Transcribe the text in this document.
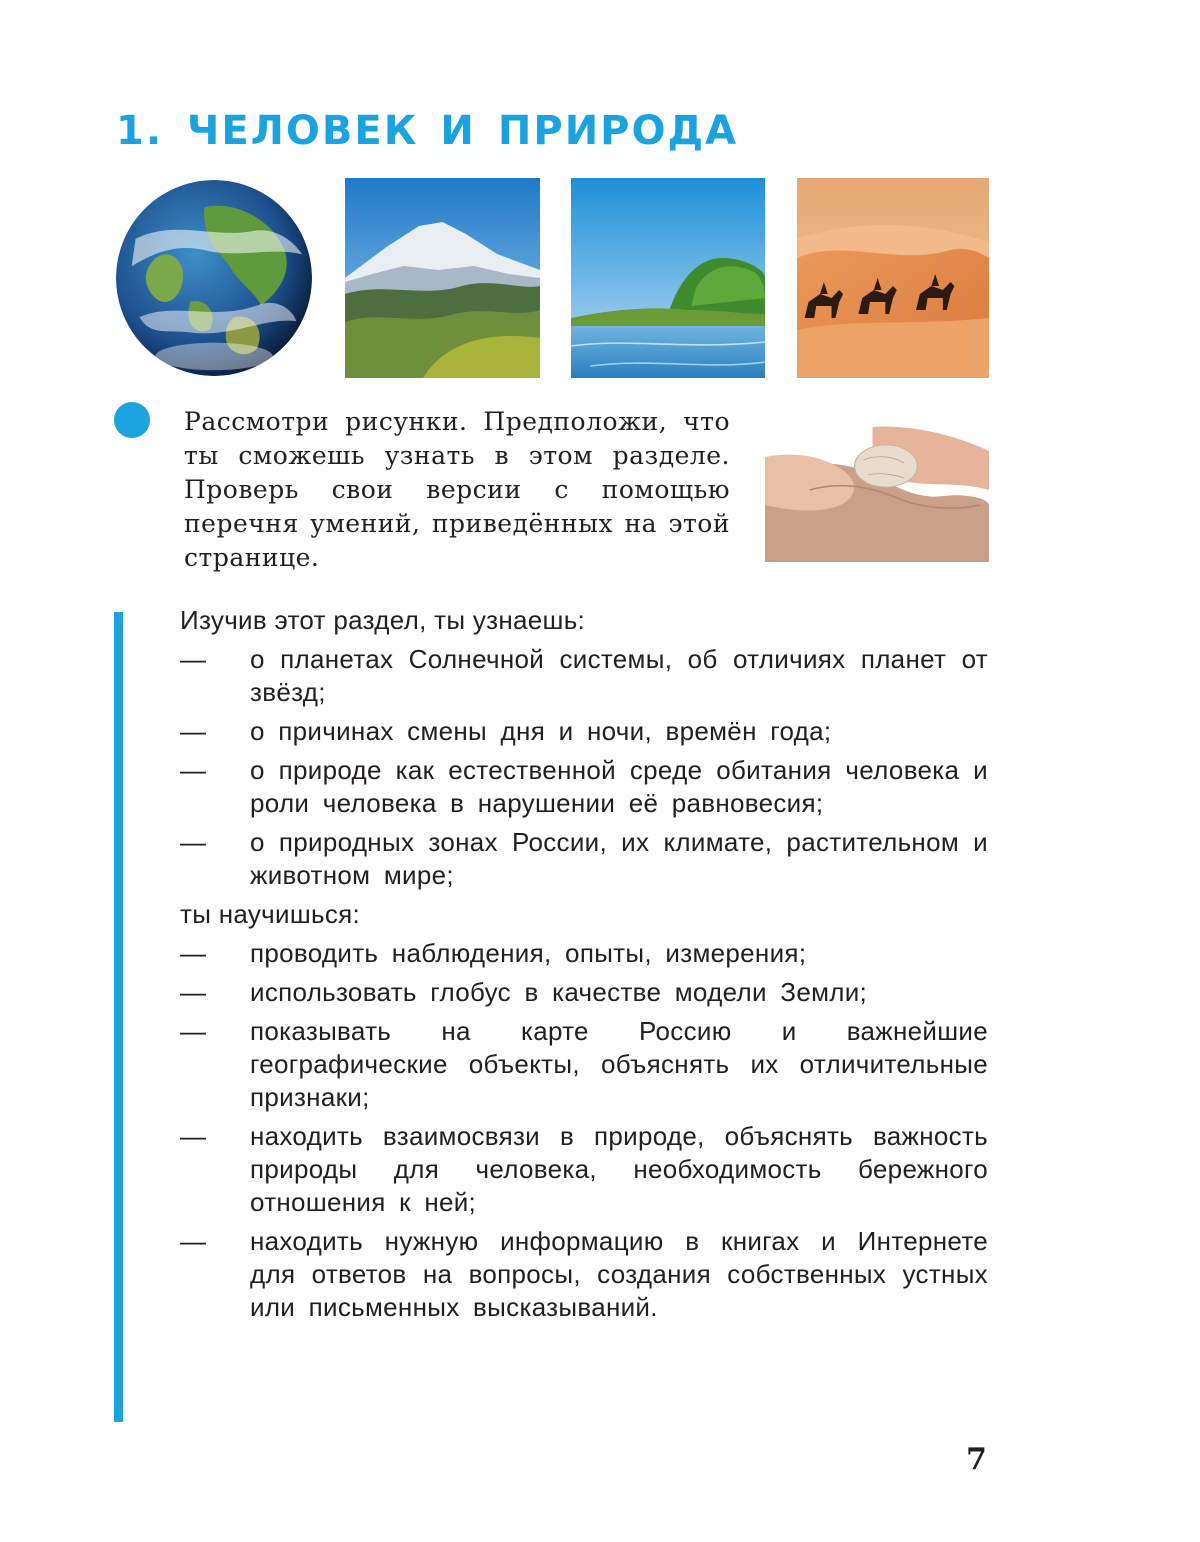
1. ЧЕЛОВЕК И ПРИРОДА

Рассмотри рисунки. Предположи, что ты сможешь узнать в этом разделе. Проверь свои версии с помощью перечня умений, приведённых на этой странице.

Изучив этот раздел, ты узнаешь:

— о планетах Солнечной системы, об отличиях планет от звёзд;
— о причинах смены дня и ночи, времён года;
— о природе как естественной среде обитания человека и роли человека в нарушении её равновесия;
— о природных зонах России, их климате, растительном и животном мире;

ты научишься:

— проводить наблюдения, опыты, измерения;
— использовать глобус в качестве модели Земли;
— показывать на карте Россию и важнейшие географические объекты, объяснять их отличительные признаки;
— находить взаимосвязи в природе, объяснять важность природы для человека, необходимость бережного отношения к ней;
— находить нужную информацию в книгах и Интернете для ответов на вопросы, создания собственных устных или письменных высказываний.

7
